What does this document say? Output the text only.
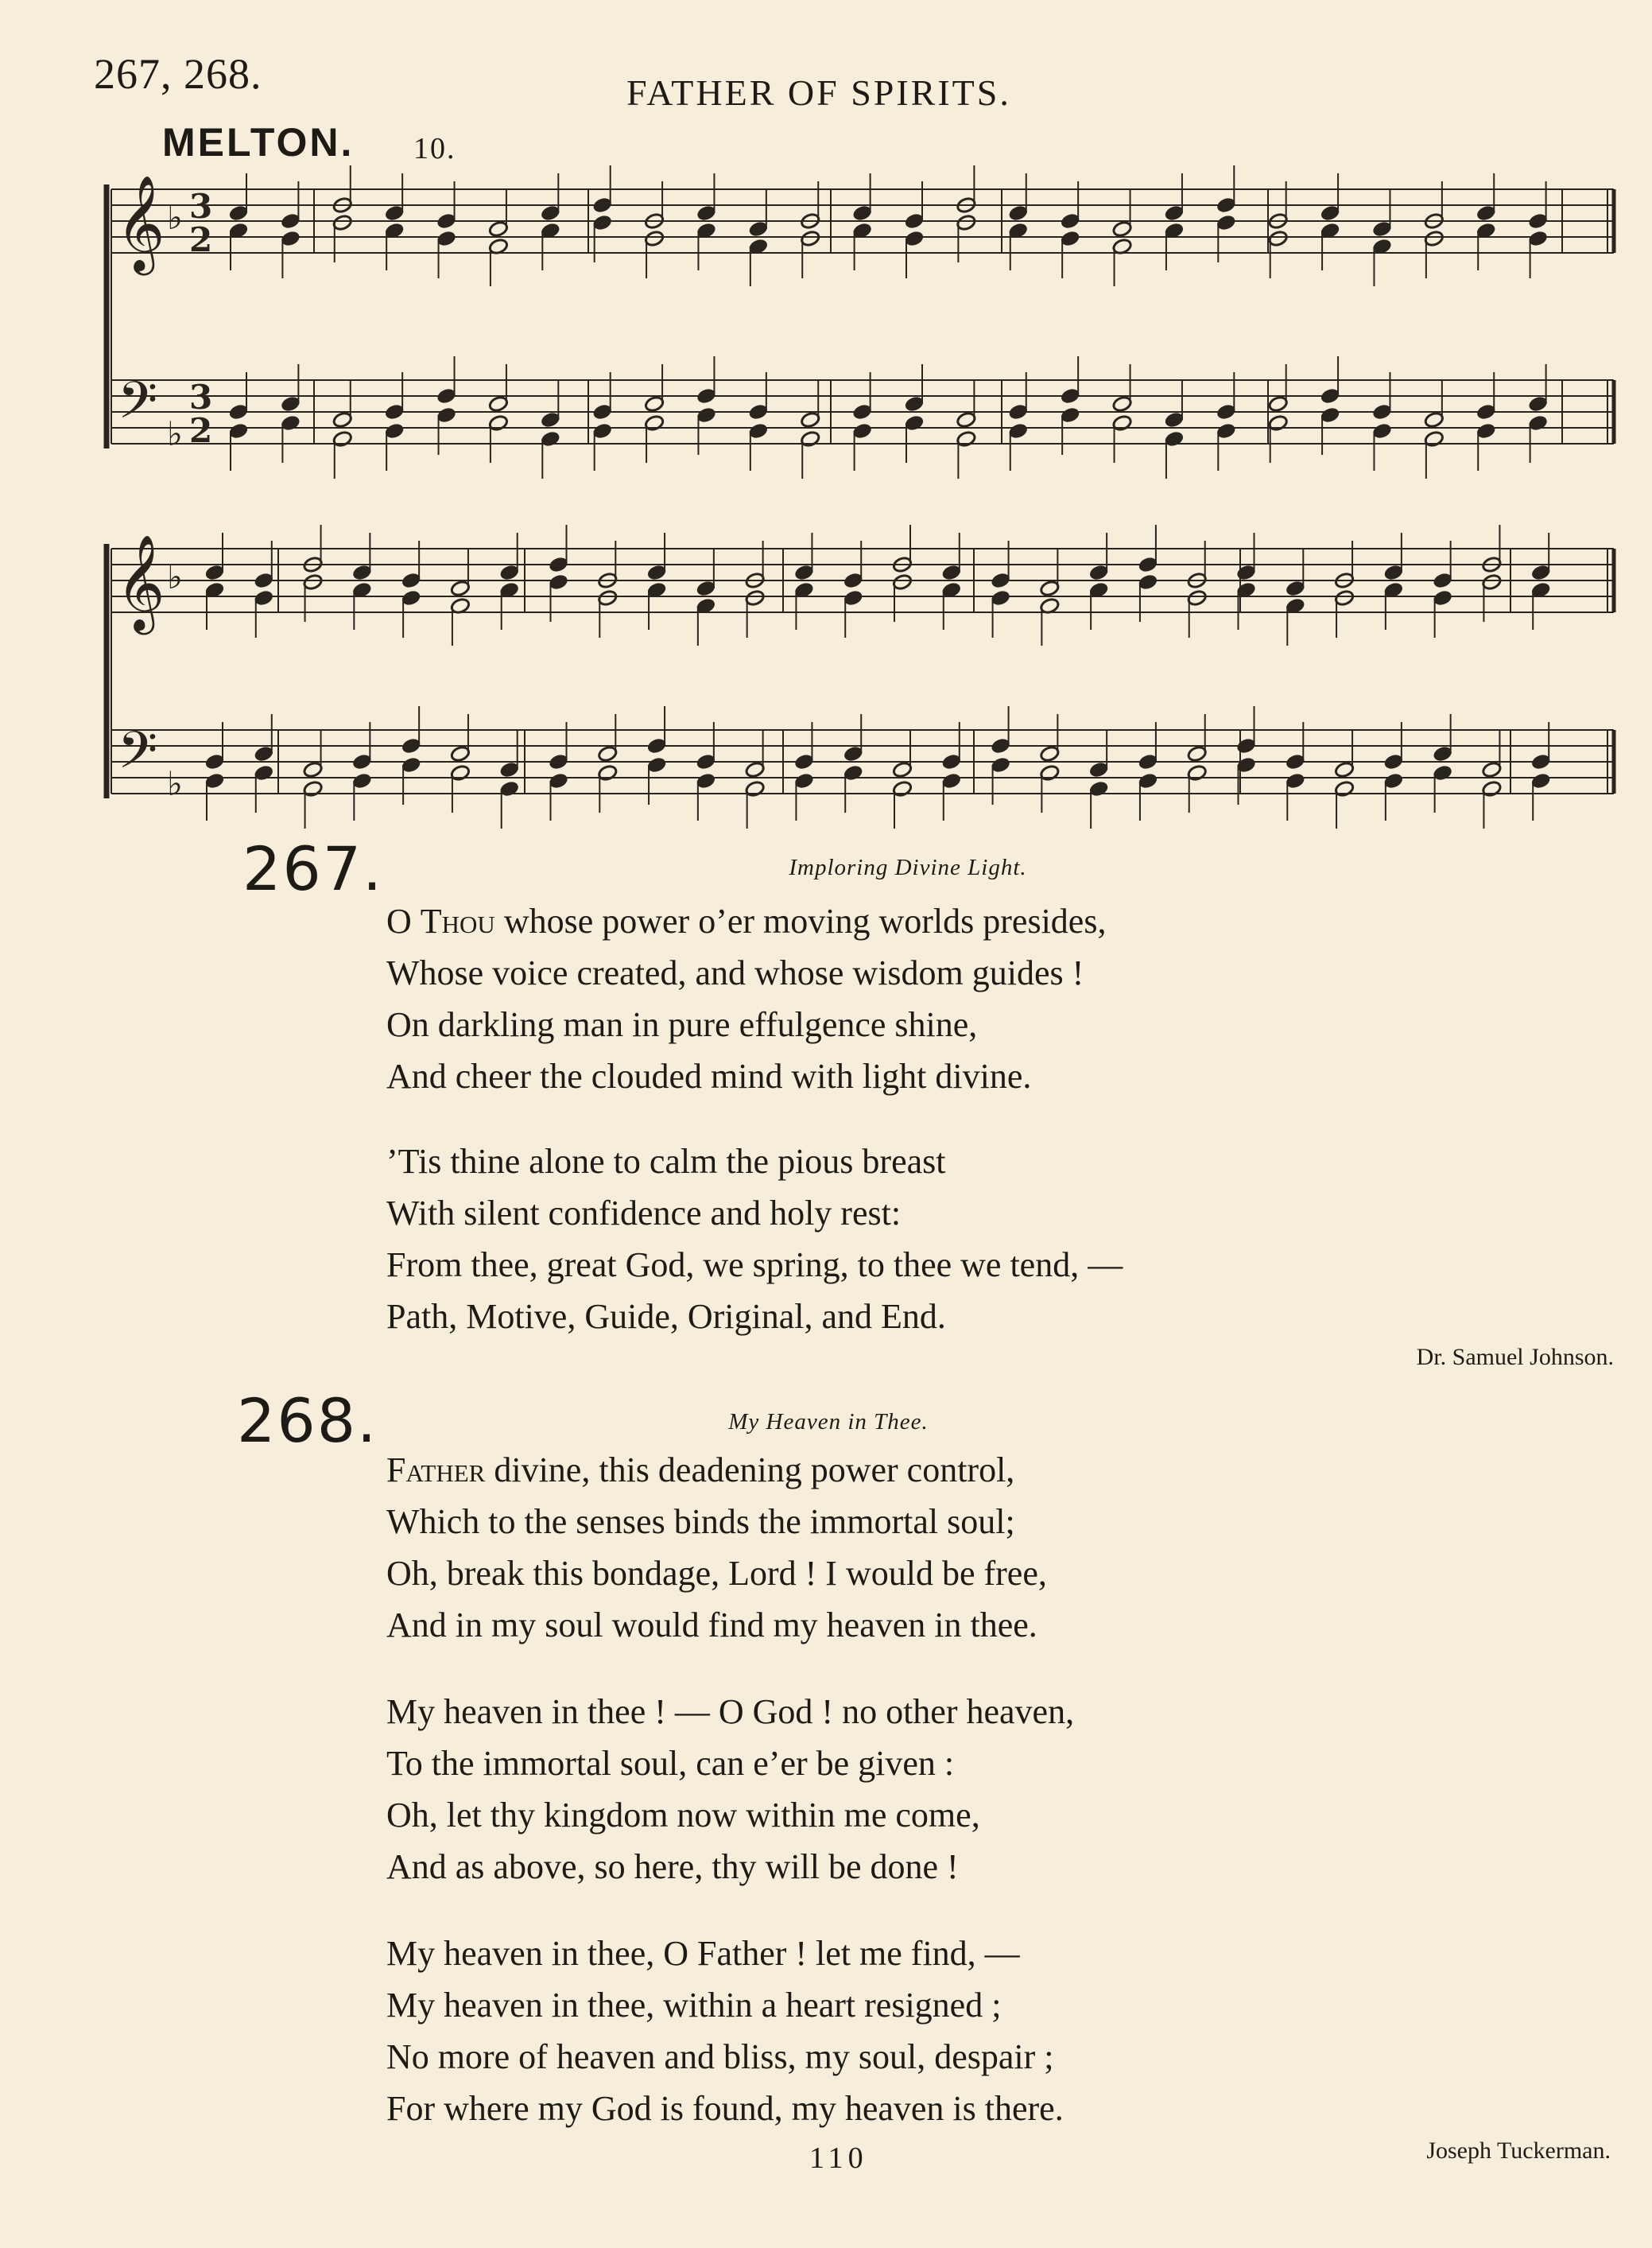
267, 268.	FATHER OF SPIRITS.
MELTON. 10.
𝄞
𝄢
♭
♭
3
2
3
2
𝄞
𝄢
♭
♭
267.	Imploring Divine Light.
O Thou whose power o’er moving worlds presides,
Whose voice created, and whose wisdom guides !
On darkling man in pure effulgence shine,
And cheer the clouded mind with light divine.
’Tis thine alone to calm the pious breast
With silent confidence and holy rest:
From thee, great God, we spring, to thee we tend, —
Path, Motive, Guide, Original, and End.
Dr. Samuel Johnson.
268.	My Heaven in Thee.
Father divine, this deadening power control,
Which to the senses binds the immortal soul;
Oh, break this bondage, Lord ! I would be free,
And in my soul would find my heaven in thee.
My heaven in thee ! — O God ! no other heaven,
To the immortal soul, can e’er be given :
Oh, let thy kingdom now within me come,
And as above, so here, thy will be done !
My heaven in thee, O Father ! let me find, —
My heaven in thee, within a heart resigned ;
No more of heaven and bliss, my soul, despair ;
For where my God is found, my heaven is there.
Joseph Tuckerman.
110
